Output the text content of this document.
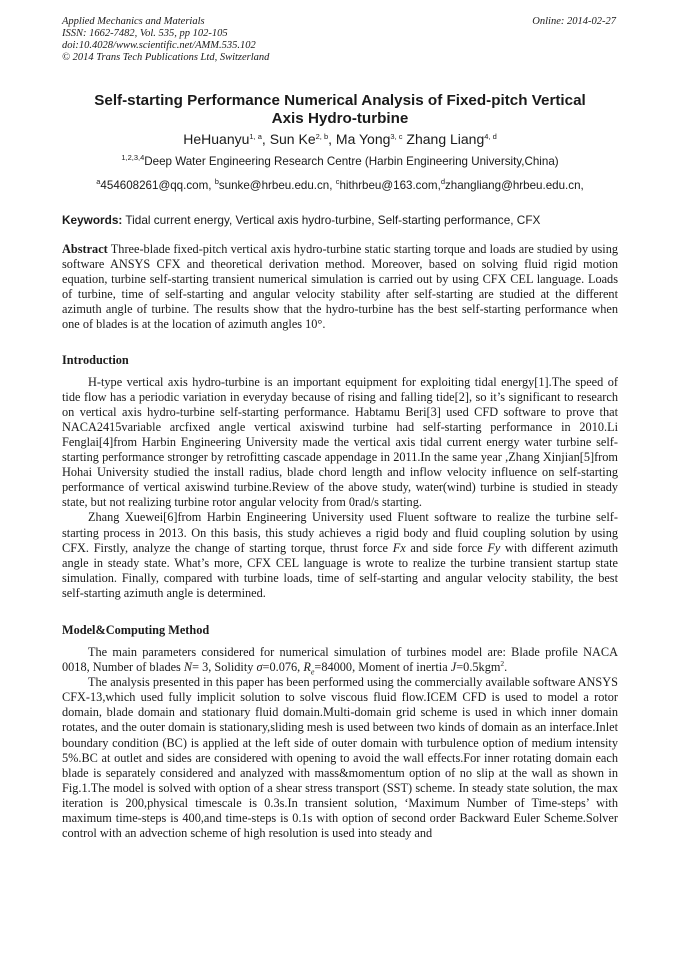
Applied Mechanics and Materials
ISSN: 1662-7482, Vol. 535, pp 102-105
doi:10.4028/www.scientific.net/AMM.535.102
© 2014 Trans Tech Publications Ltd, Switzerland
Online: 2014-02-27
Self-starting Performance Numerical Analysis of Fixed-pitch Vertical
Axis Hydro-turbine
HeHuanyu$^{1, a}$, Sun Ke$^{2, b}$, Ma Yong$^{3, c}$ Zhang Liang$^{4, d}$
$^{1,2,3,4}$Deep Water Engineering Research Centre (Harbin Engineering University,China)
$^a$454608261@qq.com, $^b$sunke@hrbeu.edu.cn, $^c$hithrbeu@163.com,$^d$zhangliang@hrbeu.edu.cn,
Keywords: Tidal current energy, Vertical axis hydro-turbine, Self-starting performance, CFX

Abstract Three-blade fixed-pitch vertical axis hydro-turbine static starting torque and loads are studied by using software ANSYS CFX and theoretical derivation method. Moreover, based on solving fluid rigid motion equation, turbine self-starting transient numerical simulation is carried out by using CFX CEL language. Loads of turbine, time of self-starting and angular velocity stability after self-starting are studied at the different azimuth angle of turbine. The results show that the hydro-turbine has the best self-starting performance when one of blades is at the location of azimuth angles 10°.

Introduction

H-type vertical axis hydro-turbine is an important equipment for exploiting tidal energy[1].The speed of tide flow has a periodic variation in everyday because of rising and falling tide[2], so it’s significant to research on vertical axis hydro-turbine self-starting performance. Habtamu Beri[3] used CFD software to prove that NACA2415variable arcfixed angle vertical axiswind turbine had self-starting performance in 2010.Li Fenglai[4]from Harbin Engineering University made the vertical axis tidal current energy water turbine self-starting performance stronger by retrofitting cascade appendage in 2011.In the same year ,Zhang Xinjian[5]from Hohai University studied the install radius, blade chord length and inflow velocity influence on self-starting performance of vertical axiswind turbine.Review of the above study, water(wind) turbine is studied in steady state, but not realizing turbine rotor angular velocity from 0rad/s starting.

Zhang Xuewei[6]from Harbin Engineering University used Fluent software to realize the turbine self-starting process in 2013. On this basis, this study achieves a rigid body and fluid coupling solution by using CFX. Firstly, analyze the change of starting torque, thrust force Fx and side force Fy with different azimuth angle in steady state. What’s more, CFX CEL language is wrote to realize the turbine transient startup state simulation. Finally, compared with turbine loads, time of self-starting and angular velocity stability, the best self-starting azimuth angle is determined.

Model&Computing Method

The main parameters considered for numerical simulation of turbines model are: Blade profile NACA 0018, Number of blades N= 3, Solidity σ=0.076, $R_e=84000$, Moment of inertia J=0.5kgm$^2$.

The analysis presented in this paper has been performed using the commercially available software ANSYS CFX-13,which used fully implicit solution to solve viscous fluid flow.ICEM CFD is used to model a rotor domain, blade domain and stationary fluid domain.Multi-domain grid scheme is used in which inner domain rotates, and the outer domain is stationary,sliding mesh is used between two kinds of domain as an interface.Inlet boundary condition (BC) is applied at the left side of outer domain with turbulence option of medium intensity 5%.BC at outlet and sides are considered with opening to avoid the wall effects.For inner rotating domain each blade is separately considered and analyzed with mass&momentum option of no slip at the wall as shown in Fig.1.The model is solved with option of a shear stress transport (SST) scheme. In steady state solution, the max iteration is 200,physical timescale is 0.3s.In transient solution, ‘Maximum Number of Time-steps’ with maximum time-steps is 400,and time-steps is 0.1s with option of second order Backward Euler Scheme.Solver control with an advection scheme of high resolution is used into steady and
